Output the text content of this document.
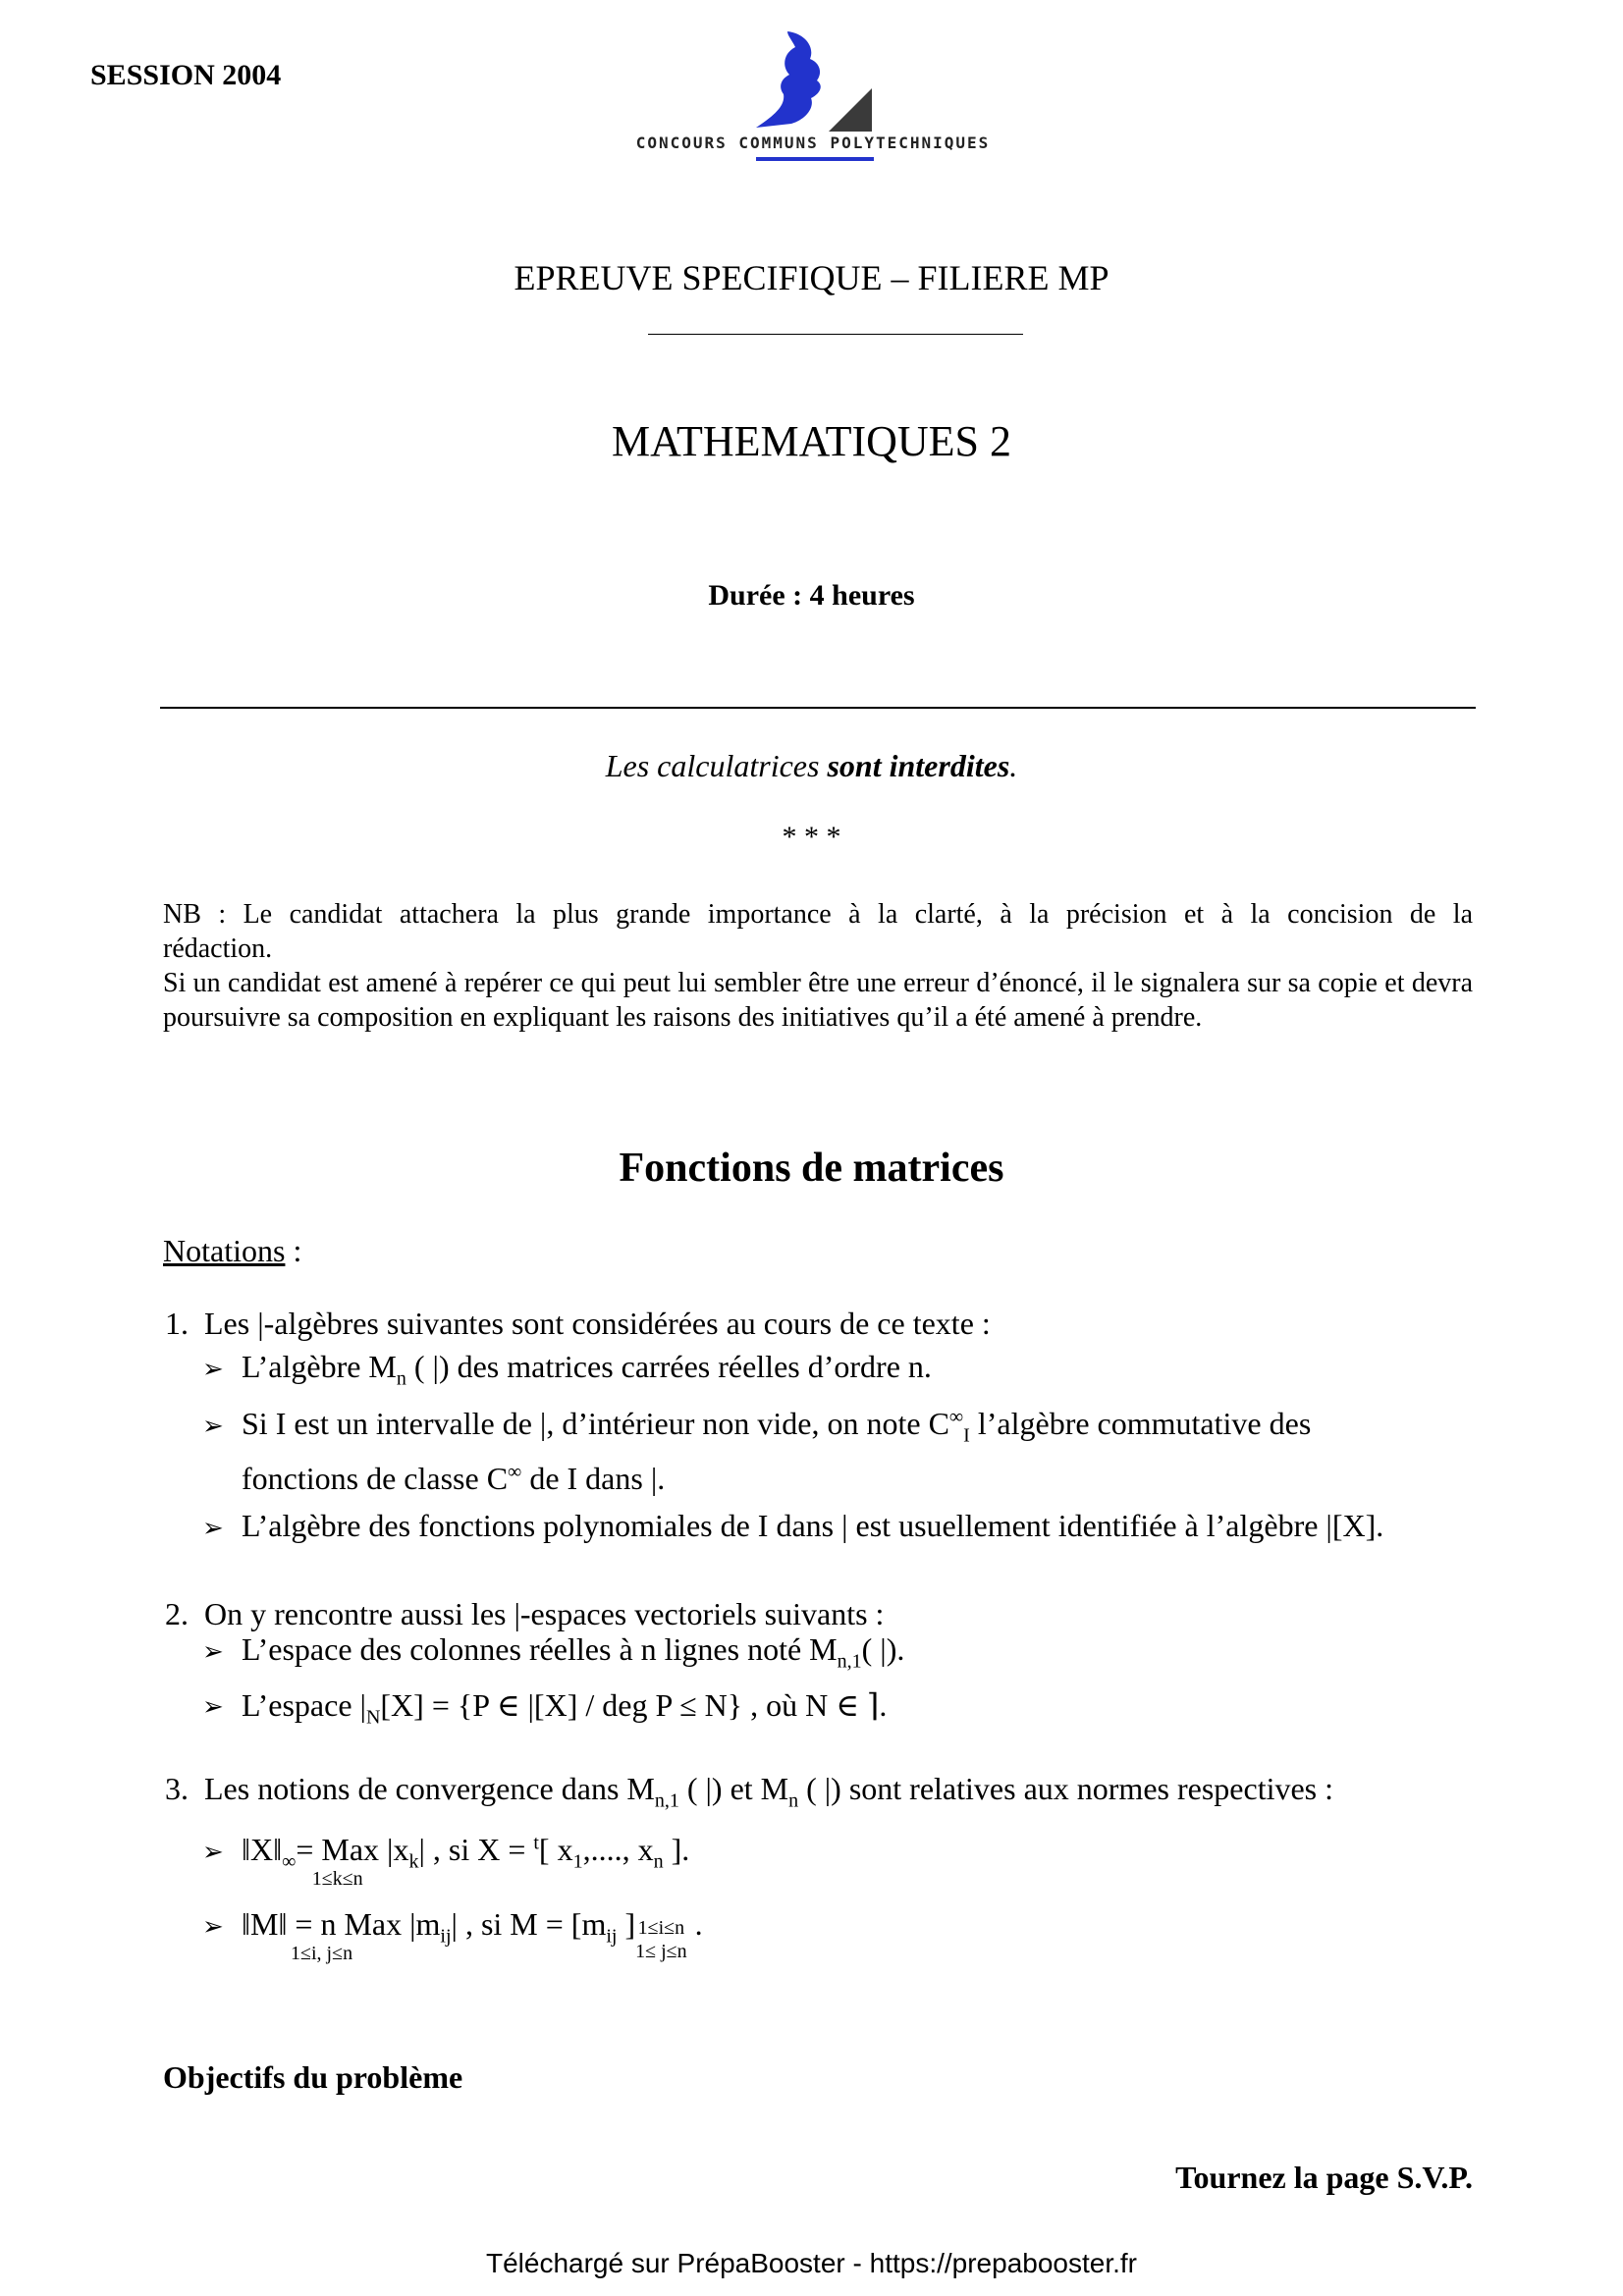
SESSION 2004
CONCOURS COMMUNS POLYTECHNIQUES
EPREUVE SPECIFIQUE – FILIERE MP
MATHEMATIQUES 2
Durée : 4 heures
Les calculatrices sont interdites.
* * *
NB : Le candidat attachera la plus grande importance à la clarté, à la précision et à la concision de la
rédaction.
Si un candidat est amené à repérer ce qui peut lui sembler être une erreur d’énoncé, il le signalera sur sa copie et devra poursuivre sa composition en expliquant les raisons des initiatives qu’il a été amené à prendre.
Fonctions de matrices
Notations :
1. Les |-algèbres suivantes sont considérées au cours de ce texte :
➢ L’algèbre $M_n$ ( |) des matrices carrées réelles d’ordre n.
➢ Si I est un intervalle de |, d’intérieur non vide, on note $C^\infty_I$ l’algèbre commutative des
fonctions de classe C∞ de I dans |.
➢ L’algèbre des fonctions polynomiales de I dans | est usuellement identifiée à l’algèbre |[X].
2. On y rencontre aussi les |-espaces vectoriels suivants :
➢ L’espace des colonnes réelles à n lignes noté $M_{n,1}$( |).
➢ L’espace $|_N[X] = \{P$ ∈ |[X] / deg P ≤ N} , où N ∈ ⌉.
3. Les notions de convergence dans $M_{n,1}$ ( |) et $M_n$ ( |) sont relatives aux normes respectives :
➢ $‖X‖_\infty=$ Max
1≤k≤n
$|x_k|$ , si X = $^t$[ $x_1$,...., $x_n$ ].
➢ ‖M‖ = n Max
1≤i, j≤n
$|m_{ij}|$ , si $M = [m_{ij}$ ] 1≤i≤n
1≤ j≤n
.
Objectifs du problème
Tournez la page S.V.P.
Téléchargé sur PrépaBooster - https://prepabooster.fr
